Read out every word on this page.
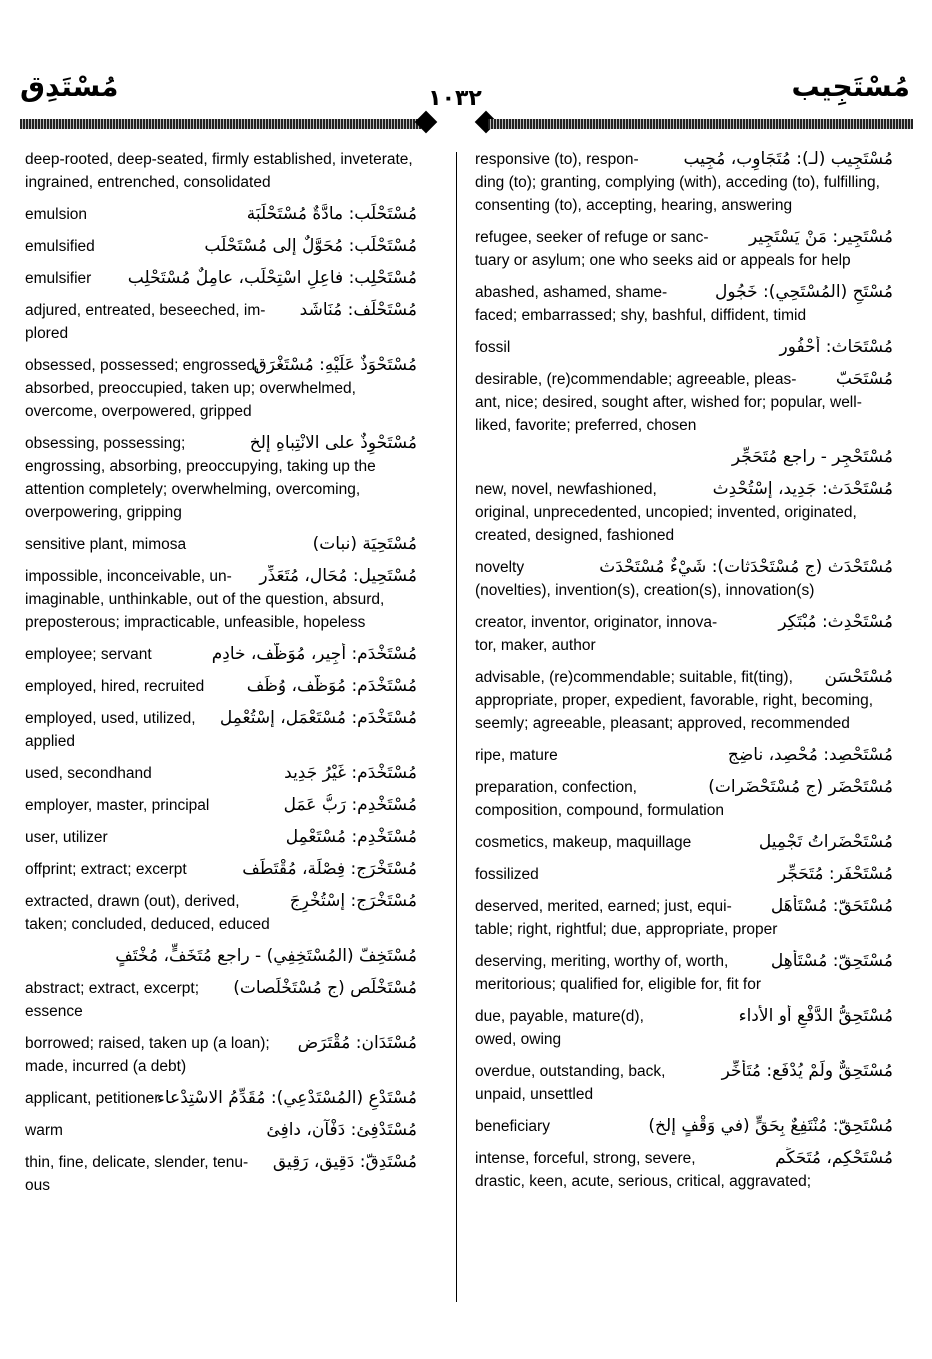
مُسْتَدِق	١٠٣٢	مُسْتَجِيب
deep-rooted, deep-seated, firmly established, inveterate, ingrained, entrenched, consolidated
مُسْتَحْلَب: مادَّةٌ مُسْتَحْلَبَة
emulsion
مُسْتَحْلَب: مُحَوَّلٌ إلى مُسْتَحْلَب
emulsified
مُسْتَحْلِب: فاعِلِ اسْتِحْلَب، عامِلٌ مُسْتَحْلِب
emulsifier
مُسْتَحْلَف: مُنَاشَد
adjured, entreated, beseeched, im-
plored
مُسْتَحْوَذٌ عَلَيْهِ: مُسْتَغْرَق
obsessed, possessed; engrossed,
absorbed, preoccupied, taken up; overwhelmed, overcome, overpowered, gripped
مُسْتَحْوِذٌ على الانْتِباهِ إلخ
obsessing, possessing;
engrossing, absorbing, preoccupying, taking up the attention completely; overwhelming, overcoming, overpowering, gripping
مُسْتَحِيَة (نبات)
sensitive plant, mimosa
مُسْتَحِيل: مُحَال، مُتَعَذِّر
impossible, inconceivable, un-
imaginable, unthinkable, out of the question, absurd, preposterous; impracticable, unfeasible, hopeless
مُسْتَخْدَم: أَجِير، مُوَظَّف، خادِم
employee; servant
مُسْتَخْدَم: مُوَظَّف، وُظِّف
employed, hired, recruited
مُسْتَخْدَم: مُسْتَعْمَل، إسْتُعْمِل
employed, used, utilized,
applied
مُسْتَخْدَم: غَيْرُ جَدِيد
used, secondhand
مُسْتَخْدِم: رَبُّ عَمَل
employer, master, principal
مُسْتَخْدِم: مُسْتَعْمِل
user, utilizer
مُسْتَخْرَج: فِصْلَة، مُقْتَطَف
offprint; extract; excerpt
مُسْتَخْرَج: إسْتُخْرِجَ
extracted, drawn (out), derived,
taken; concluded, deduced, educed
مُسْتَخِفّ (المُسْتَخِفِي) - راجع مُتَخَفٍّ، مُخْتَفٍ
مُسْتَخْلَص (ج مُسْتَخْلَصات)
abstract; extract, excerpt;
essence
مُسْتَدَان: مُقْتَرَض
borrowed; raised, taken up (a loan);
made, incurred (a debt)
مُسْتَدْعٍ (المُسْتَدْعِي): مُقَدِّمُ الاسْتِدْعاء
applicant, petitioner
مُسْتَدْفِئ: دَفْآن، دافِئ
warm
مُسْتَدِقّ: دَقِيق، رَقِيق
thin, fine, delicate, slender, tenu-
ous
مُسْتَجِيب (لـ): مُتَجَاوِب، مُجِيب
responsive (to), respon-
ding (to); granting, complying (with), acceding (to), fulfilling, consenting (to), accepting, hearing, answering
مُسْتَجِير: مَنْ يَسْتَجِير
refugee, seeker of refuge or sanc-
tuary or asylum; one who seeks aid or appeals for help
مُسْتَحٍ (المُسْتَحِي): خَجُول
abashed, ashamed, shame-
faced; embarrassed; shy, bashful, diffident, timid
مُسْتَحَاث: أُحْفُور
fossil
مُسْتَحَبّ
desirable, (re)commendable; agreeable, pleas-
ant, nice; desired, sought after, wished for; popular, well-liked, favorite; preferred, chosen
مُسْتَحْجِر - راجع مُتَحَجِّر
مُسْتَحْدَث: جَدِيد، إسْتُحْدِث
new, novel, newfashioned,
original, unprecedented, uncopied; invented, originated, created, designed, fashioned
مُسْتَحْدَث (ج مُسْتَحْدَثات): شَيْءٌ مُسْتَحْدَث
novelty
(novelties), invention(s), creation(s), innovation(s)
مُسْتَحْدِث: مُبْتَكِر
creator, inventor, originator, innova-
tor, maker, author
مُسْتَحْسَن
advisable, (re)commendable; suitable, fit(ting),
appropriate, proper, expedient, favorable, right, becoming, seemly; agreeable, pleasant; approved, recommended
مُسْتَحْصِد: مُحْصِد، ناضِج
ripe, mature
مُسْتَحْضَر (ج مُسْتَحْضَرات)
preparation, confection,
composition, compound, formulation
مُسْتَحْضَراتُ تَجْمِيل
cosmetics, makeup, maquillage
مُسْتَحْفَر: مُتَحَجِّر
fossilized
مُسْتَحَقّ: مُسْتَأْهَل
deserved, merited, earned; just, equi-
table; right, rightful; due, appropriate, proper
مُسْتَحِقّ: مُسْتَأْهِل
deserving, meriting, worthy of, worth,
meritorious; qualified for, eligible for, fit for
مُسْتَحِقُّ الدَّفْعِ أو الأداء
due, payable, mature(d),
owed, owing
مُسْتَحِقٌّ ولَمْ يُدْفَع: مُتَأَخِّر
overdue, outstanding, back,
unpaid, unsettled
مُسْتَحِقّ: مُنْتَفِعٌ بِحَقٍّ (في وَقْفٍ إلخ)
beneficiary
مُسْتَحْكِم، مُتَحَكِّم
intense, forceful, strong, severe,
drastic, keen, acute, serious, critical, aggravated;
